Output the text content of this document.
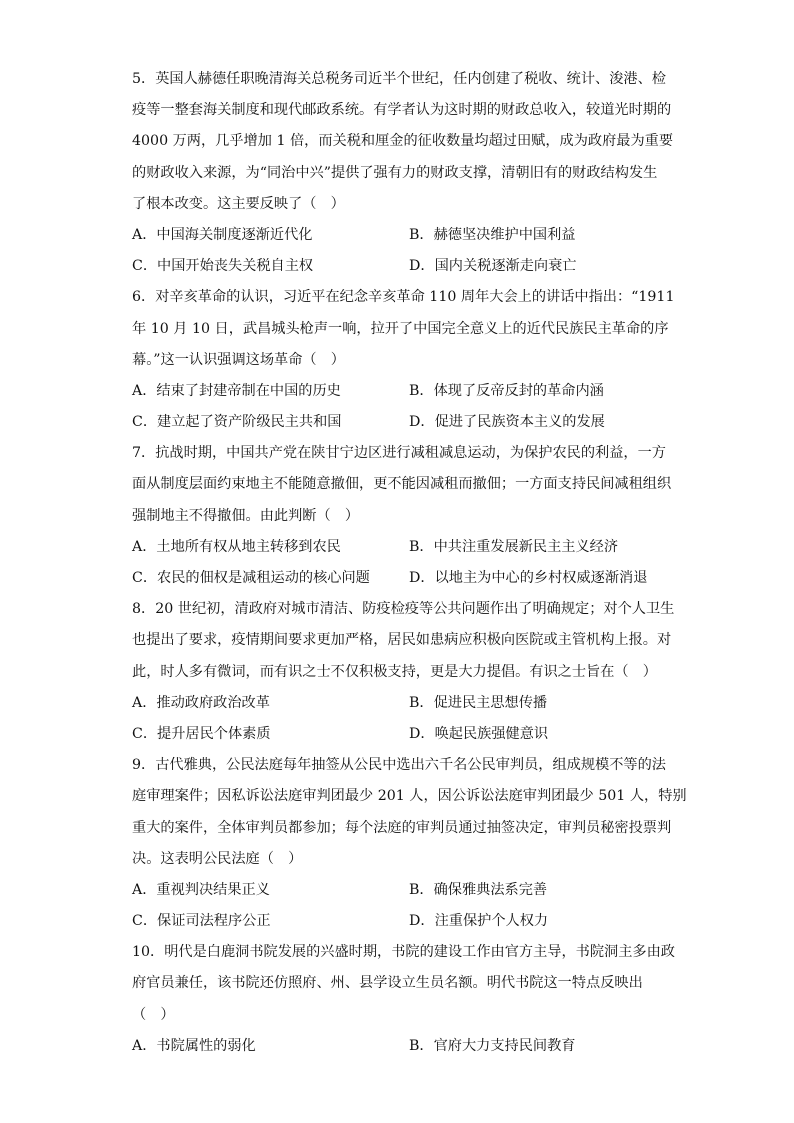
5．英国人赫德任职晚清海关总税务司近半个世纪，任内创建了税收、统计、浚港、检
疫等一整套海关制度和现代邮政系统。有学者认为这时期的财政总收入，较道光时期的
4000 万两，几乎增加 1 倍，而关税和厘金的征收数量均超过田赋，成为政府最为重要
的财政收入来源，为“同治中兴”提供了强有力的财政支撑，清朝旧有的财政结构发生
了根本改变。这主要反映了（　）
A．中国海关制度逐渐近代化	B．赫德坚决维护中国利益
C．中国开始丧失关税自主权	D．国内关税逐渐走向衰亡
6．对辛亥革命的认识，习近平在纪念辛亥革命 110 周年大会上的讲话中指出：“1911
年 10 月 10 日，武昌城头枪声一响，拉开了中国完全意义上的近代民族民主革命的序
幕。”这一认识强调这场革命（　）
A．结束了封建帝制在中国的历史	B．体现了反帝反封的革命内涵
C．建立起了资产阶级民主共和国	D．促进了民族资本主义的发展
7．抗战时期，中国共产党在陕甘宁边区进行减租减息运动，为保护农民的利益，一方
面从制度层面约束地主不能随意撤佃，更不能因减租而撤佃；一方面支持民间减租组织
强制地主不得撤佃。由此判断（　）
A．土地所有权从地主转移到农民	B．中共注重发展新民主主义经济
C．农民的佃权是减租运动的核心问题	D．以地主为中心的乡村权威逐渐消退
8．20 世纪初，清政府对城市清洁、防疫检疫等公共问题作出了明确规定；对个人卫生
也提出了要求，疫情期间要求更加严格，居民如患病应积极向医院或主管机构上报。对
此，时人多有微词，而有识之士不仅积极支持，更是大力提倡。有识之士旨在（　）
A．推动政府政治改革	B．促进民主思想传播
C．提升居民个体素质	D．唤起民族强健意识
9．古代雅典，公民法庭每年抽签从公民中选出六千名公民审判员，组成规模不等的法
庭审理案件；因私诉讼法庭审判团最少 201 人，因公诉讼法庭审判团最少 501 人，特别
重大的案件，全体审判员都参加；每个法庭的审判员通过抽签决定，审判员秘密投票判
决。这表明公民法庭（　）
A．重视判决结果正义	B．确保雅典法系完善
C．保证司法程序公正	D．注重保护个人权力
10．明代是白鹿洞书院发展的兴盛时期，书院的建设工作由官方主导，书院洞主多由政
府官员兼任，该书院还仿照府、州、县学设立生员名额。明代书院这一特点反映出
（　）
A．书院属性的弱化	B．官府大力支持民间教育
